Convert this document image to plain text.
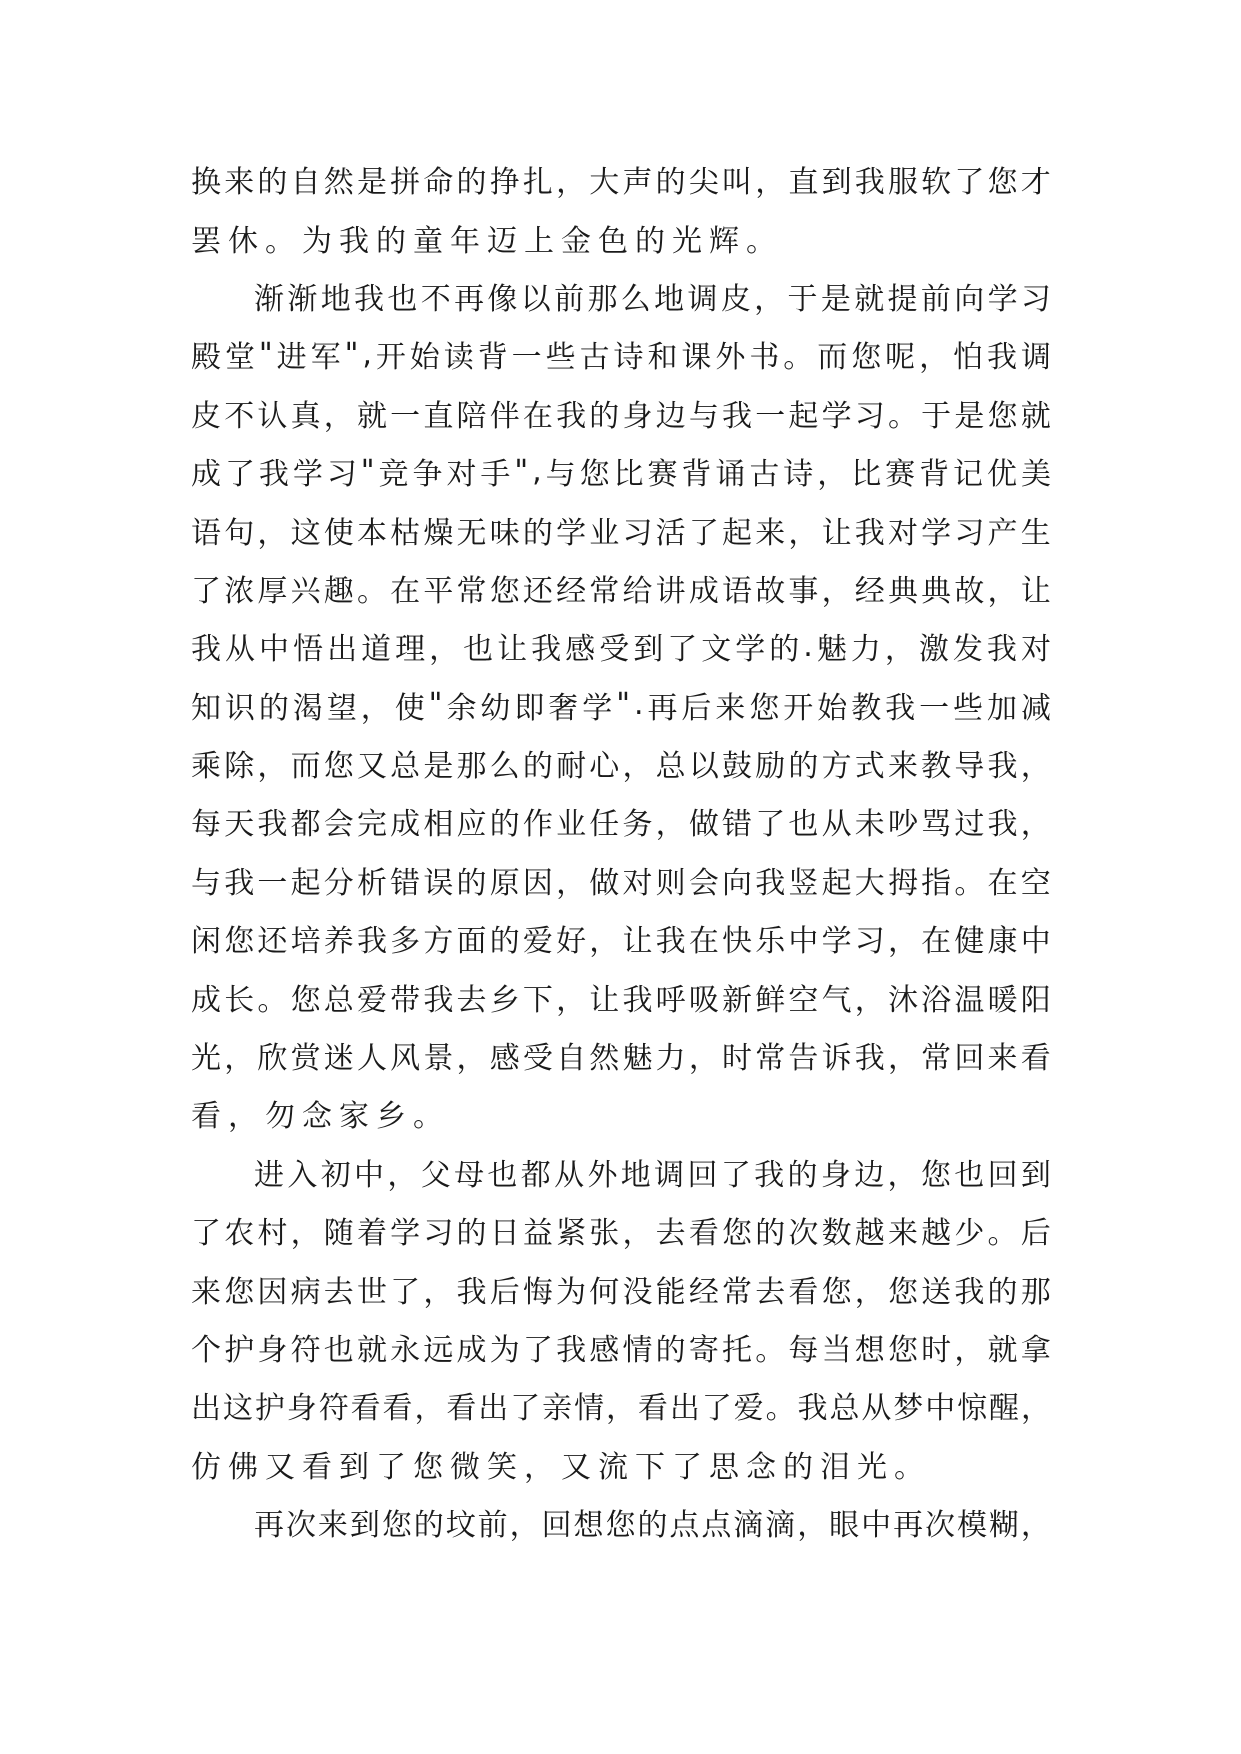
换 来 的 自 然 是 拼 命 的 挣 扎 ， 大 声 的 尖 叫 ， 直 到 我 服 软 了 您 才
罢休。为我的童年迈上金色的光辉。
渐 渐 地 我 也 不 再 像 以 前 那 么 地 调 皮 ， 于 是 就 提 前 向 学 习
殿 堂 " 进 军 " , 开 始 读 背 一 些 古 诗 和 课 外 书 。 而 您 呢 ， 怕 我 调
皮 不 认 真 ， 就 一 直 陪 伴 在 我 的 身 边 与 我 一 起 学 习 。 于 是 您 就
成 了 我 学 习 " 竞 争 对 手 " , 与 您 比 赛 背 诵 古 诗 ， 比 赛 背 记 优 美
语 句 ， 这 使 本 枯 燥 无 味 的 学 业 习 活 了 起 来 ， 让 我 对 学 习 产 生
了 浓 厚 兴 趣 。 在 平 常 您 还 经 常 给 讲 成 语 故 事 ， 经 典 典 故 ， 让
我 从 中 悟 出 道 理 ， 也 让 我 感 受 到 了 文 学 的 . 魅 力 ， 激 发 我 对
知 识 的 渴 望 ， 使 " 余 幼 即 奢 学 " . 再 后 来 您 开 始 教 我 一 些 加 减
乘 除 ， 而 您 又 总 是 那 么 的 耐 心 ， 总 以 鼓 励 的 方 式 来 教 导 我 ，
每 天 我 都 会 完 成 相 应 的 作 业 任 务 ， 做 错 了 也 从 未 吵 骂 过 我 ，
与 我 一 起 分 析 错 误 的 原 因 ， 做 对 则 会 向 我 竖 起 大 拇 指 。 在 空
闲 您 还 培 养 我 多 方 面 的 爱 好 ， 让 我 在 快 乐 中 学 习 ， 在 健 康 中
成 长 。 您 总 爱 带 我 去 乡 下 ， 让 我 呼 吸 新 鲜 空 气 ， 沐 浴 温 暖 阳
光 ， 欣 赏 迷 人 风 景 ， 感 受 自 然 魅 力 ， 时 常 告 诉 我 ， 常 回 来 看
看，勿念家乡。
进 入 初 中 ， 父 母 也 都 从 外 地 调 回 了 我 的 身 边 ， 您 也 回 到
了 农 村 ， 随 着 学 习 的 日 益 紧 张 ， 去 看 您 的 次 数 越 来 越 少 。 后
来 您 因 病 去 世 了 ， 我 后 悔 为 何 没 能 经 常 去 看 您 ， 您 送 我 的 那
个 护 身 符 也 就 永 远 成 为 了 我 感 情 的 寄 托 。 每 当 想 您 时 ， 就 拿
出 这 护 身 符 看 看 ， 看 出 了 亲 情 ， 看 出 了 爱 。 我 总 从 梦 中 惊 醒 ，
仿佛又看到了您微笑，又流下了思念的泪光。
再 次 来 到 您 的 坟 前 ， 回 想 您 的 点 点 滴 滴 ， 眼 中 再 次 模 糊 ，
